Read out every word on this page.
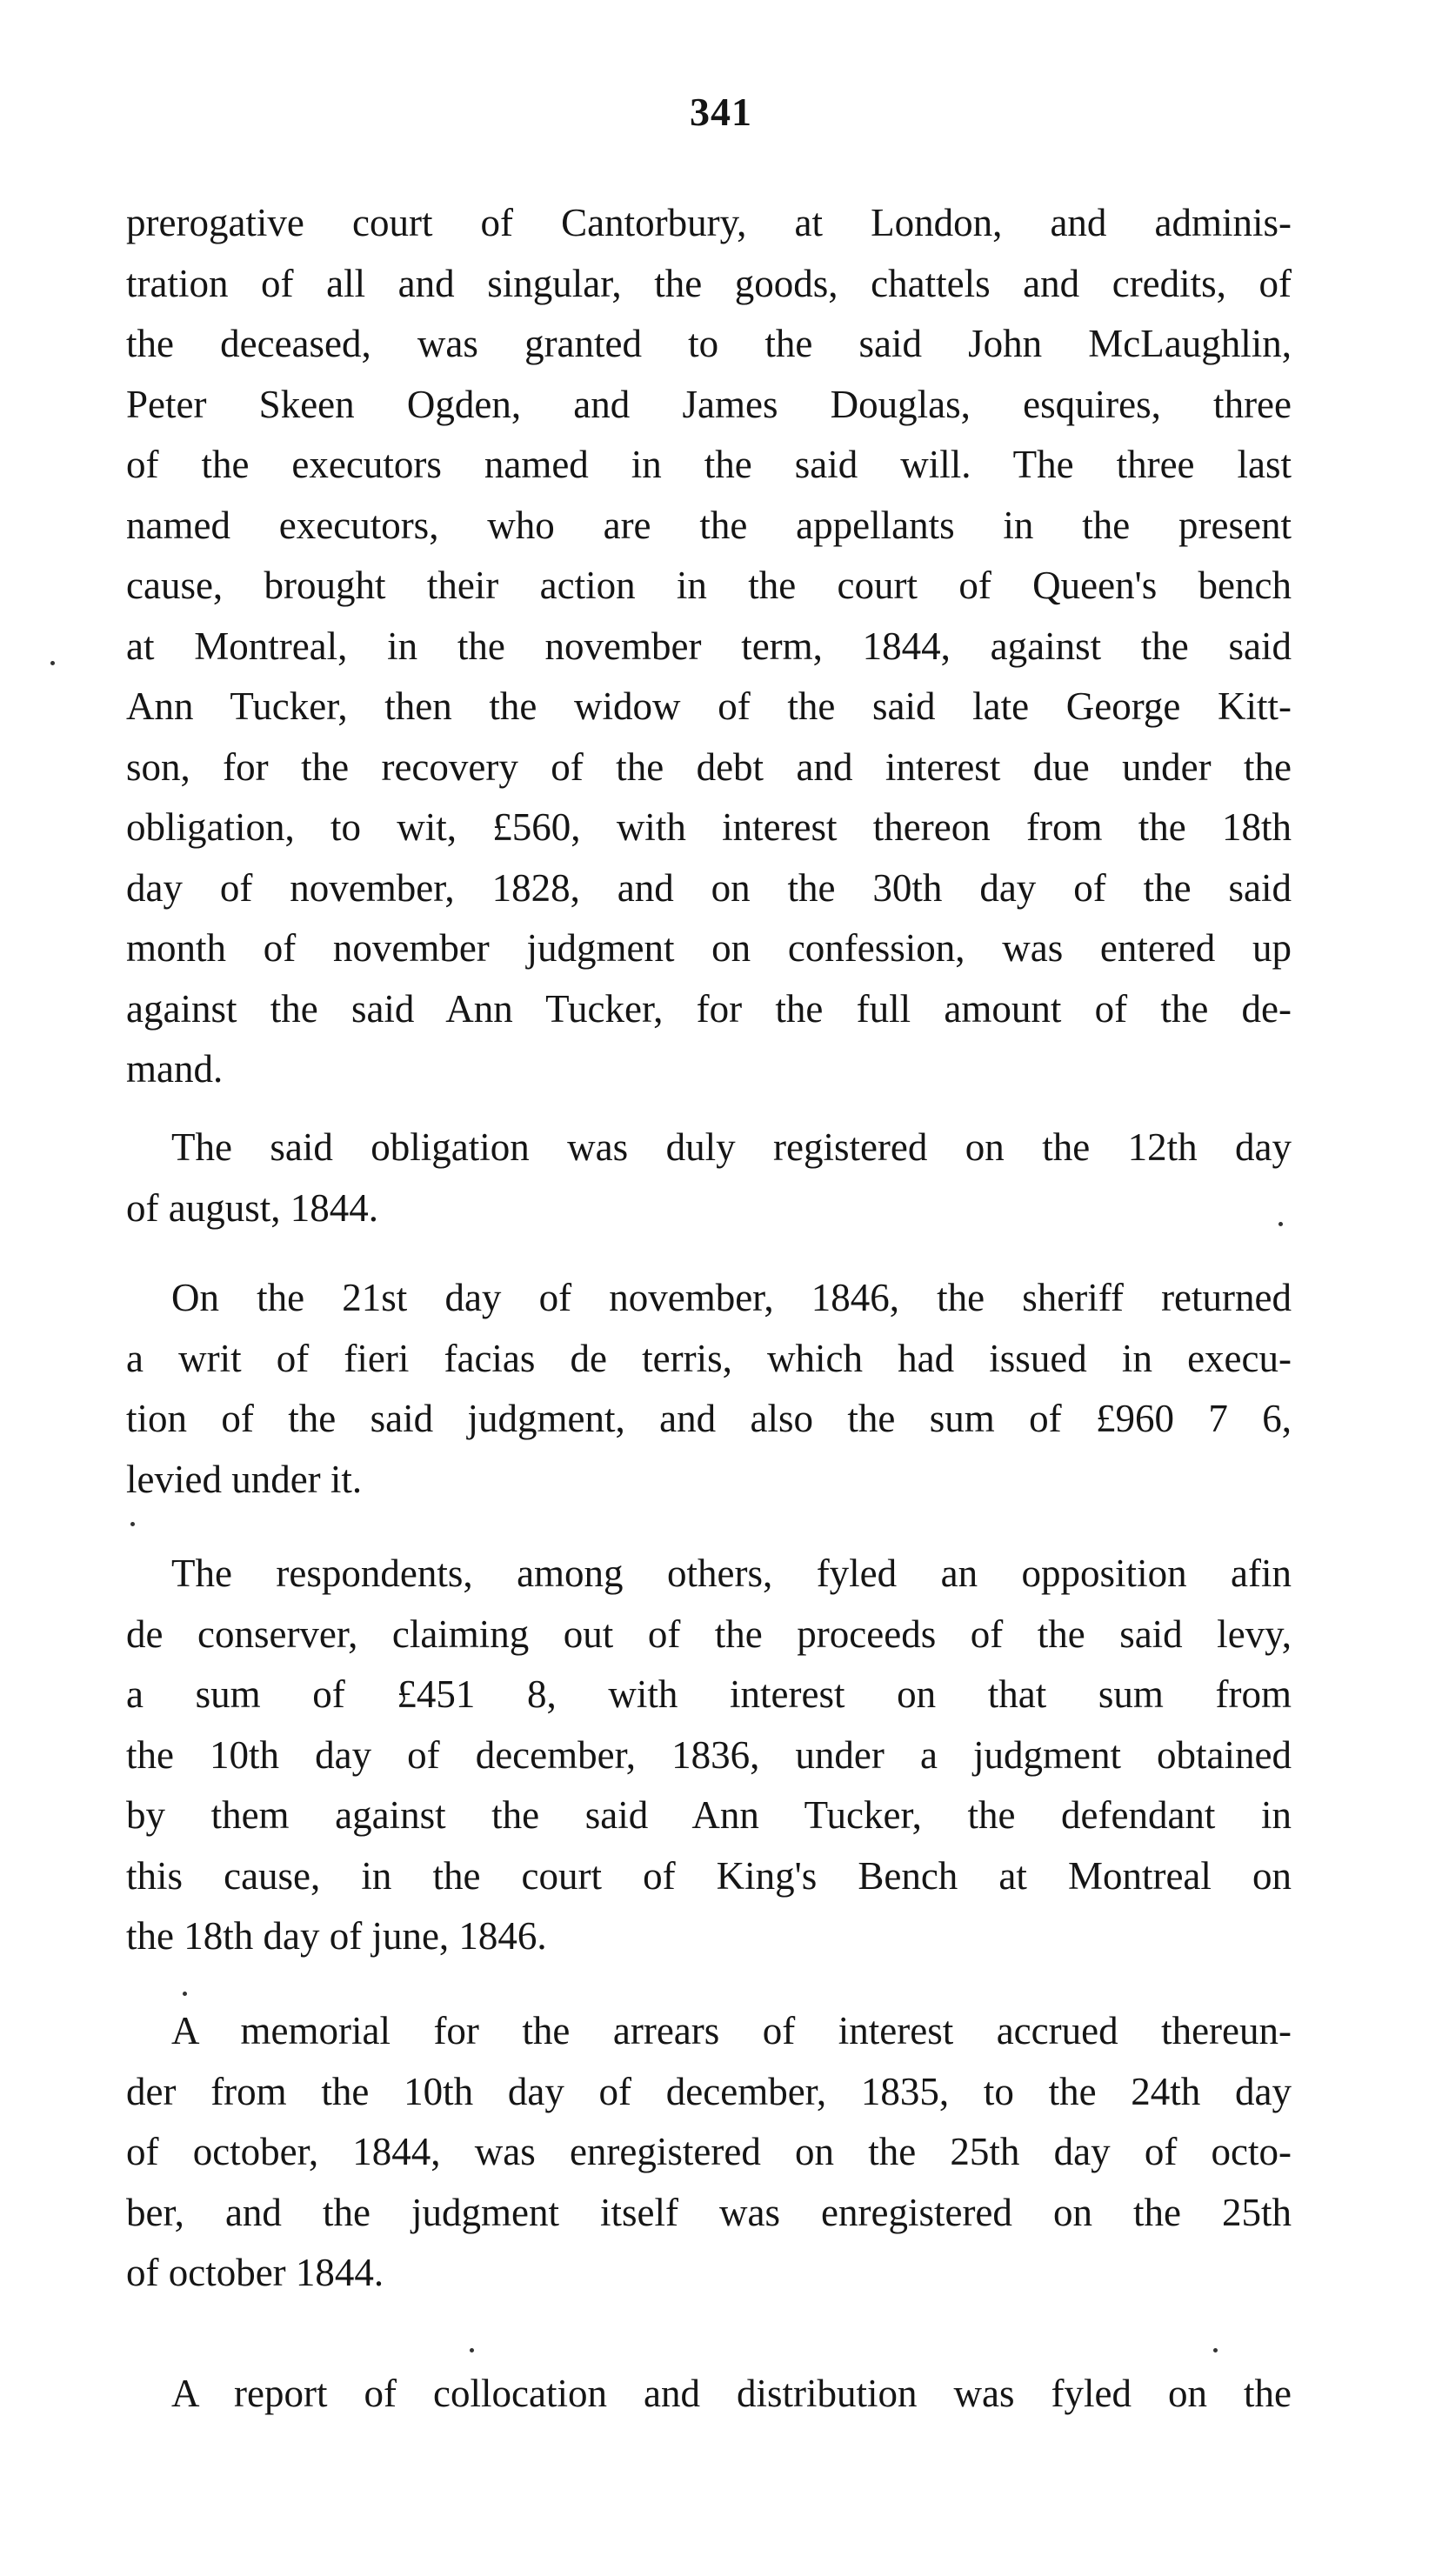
341
prerogative court of Cantorbury, at London, and adminis-
tration of all and singular, the goods, chattels and credits, of
the deceased, was granted to the said John McLaughlin,
Peter Skeen Ogden, and James Douglas, esquires, three
of the executors named in the said will. The three last
named executors, who are the appellants in the present
cause, brought their action in the court of Queen's bench
at Montreal, in the november term, 1844, against the said
Ann Tucker, then the widow of the said late George Kitt-
son, for the recovery of the debt and interest due under the
obligation, to wit, £560, with interest thereon from the 18th
day of november, 1828, and on the 30th day of the said
month of november judgment on confession, was entered up
against the said Ann Tucker, for the full amount of the de-
mand.
The said obligation was duly registered on the 12th day
of august, 1844.
On the 21st day of november, 1846, the sheriff returned
a writ of fieri facias de terris, which had issued in execu-
tion of the said judgment, and also the sum of £960 7 6,
levied under it.
The respondents, among others, fyled an opposition afin
de conserver, claiming out of the proceeds of the said levy,
a sum of £451 8, with interest on that sum from
the 10th day of december, 1836, under a judgment obtained
by them against the said Ann Tucker, the defendant in
this cause, in the court of King's Bench at Montreal on
the 18th day of june, 1846.
A memorial for the arrears of interest accrued thereun-
der from the 10th day of december, 1835, to the 24th day
of october, 1844, was enregistered on the 25th day of octo-
ber, and the judgment itself was enregistered on the 25th
of october 1844.
A report of collocation and distribution was fyled on the
